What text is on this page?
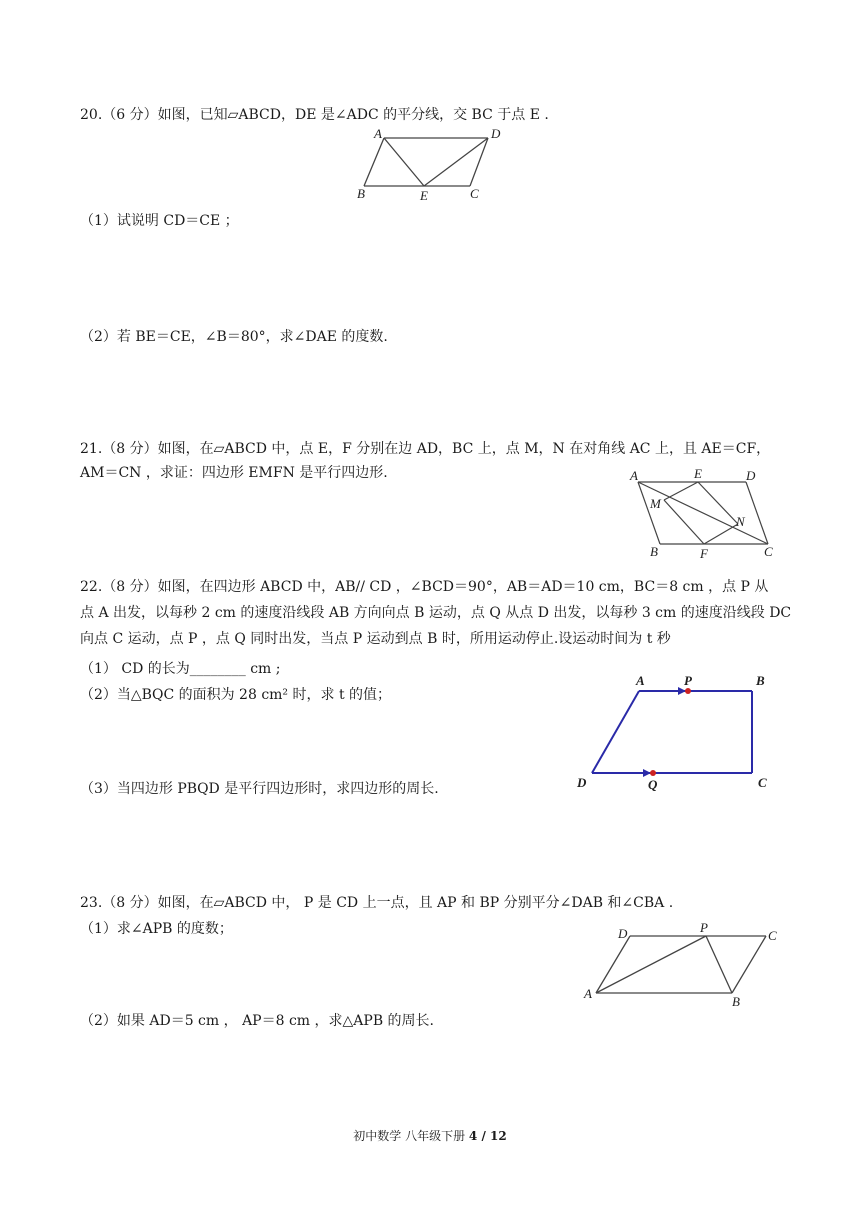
20.（6 分）如图，已知▱ABCD，DE 是∠ADC 的平分线，交 BC 于点 E .
A	D
B	E	C
（1）试说明 CD＝CE ；
（2）若 BE＝CE，∠B＝80°，求∠DAE 的度数.
21.（8 分）如图，在▱ABCD 中，点 E，F 分别在边 AD，BC 上，点 M，N 在对角线 AC 上，且 AE＝CF，
AM＝CN ，求证：四边形 EMFN 是平行四边形.	A	E	D
M
N
B	F	C
22.（8 分）如图，在四边形 ABCD 中，AB// CD ，∠BCD＝90°，AB＝AD＝10 cm，BC＝8 cm ，点 P 从
点 A 出发，以每秒 2 cm 的速度沿线段 AB 方向向点 B 运动，点 Q 从点 D 出发，以每秒 3 cm 的速度沿线段 DC
向点 C 运动，点 P ，点 Q 同时出发，当点 P 运动到点 B 时，所用运动停止.设运动时间为 t 秒
（1） CD 的长为________ cm ;
（2）当△BQC 的面积为 28 cm² 时，求 t 的值；
（3）当四边形 PBQD 是平行四边形时，求四边形的周长.
A	P	B
D	Q	C
23.（8 分）如图，在▱ABCD 中， P 是 CD 上一点，且 AP 和 BP 分别平分∠DAB 和∠CBA .
（1）求∠APB 的度数；
（2）如果 AD＝5 cm ， AP＝8 cm ，求△APB 的周长.
D	P
C
A
B
初中数学 八年级下册 4 / 12
